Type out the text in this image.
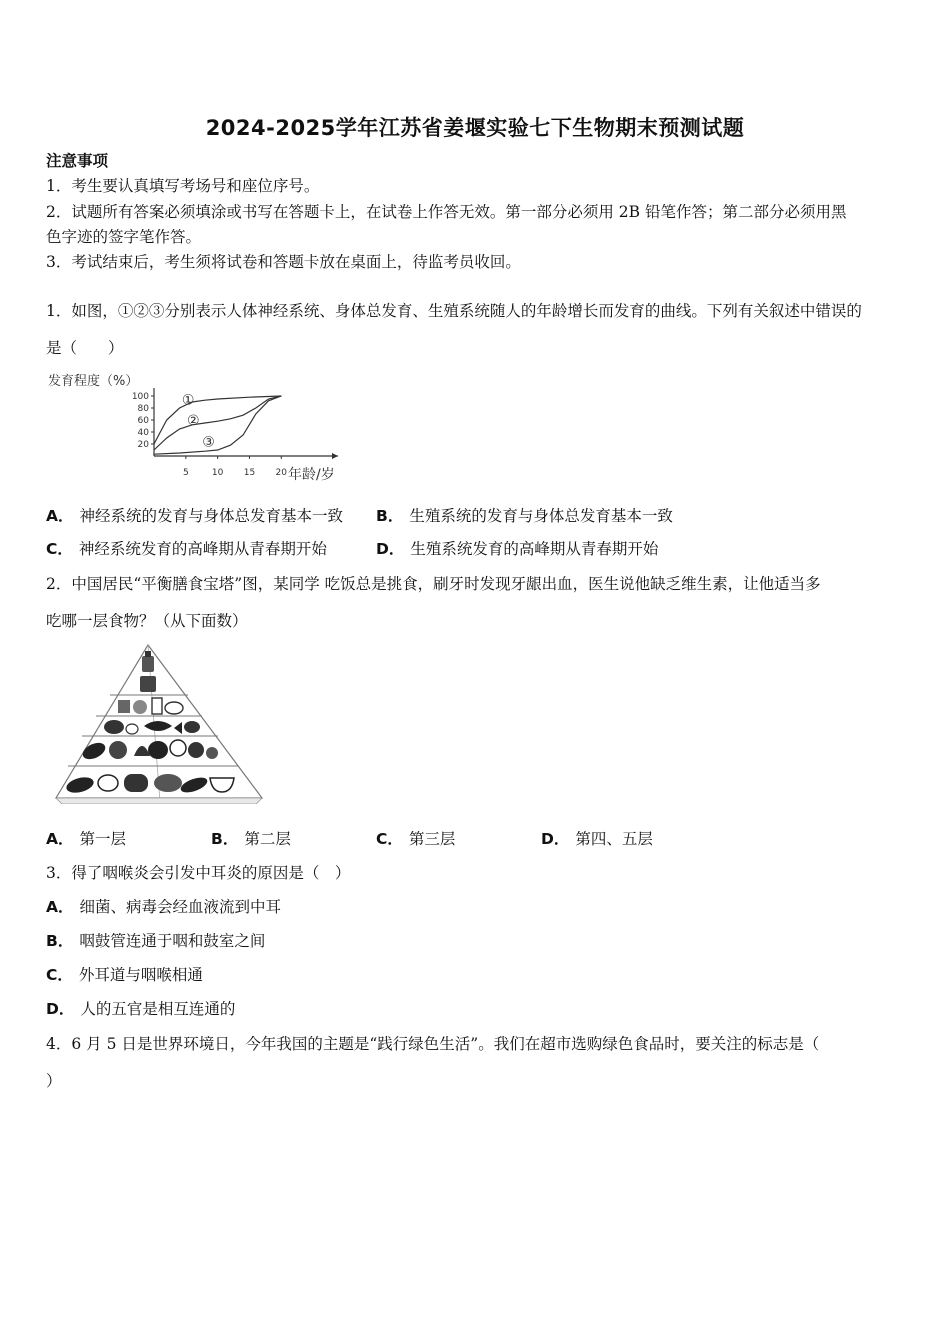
2024-2025学年江苏省姜堰实验七下生物期末预测试题
注意事项
1．考生要认真填写考场号和座位序号。
2．试题所有答案必须填涂或书写在答题卡上，在试卷上作答无效。第一部分必须用 2B 铅笔作答；第二部分必须用黑
色字迹的签字笔作答。
3．考试结束后，考生须将试卷和答题卡放在桌面上，待监考员收回。
1．如图，①②③分别表示人体神经系统、身体总发育、生殖系统随人的年龄增长而发育的曲线。下列有关叙述中错误的
是（　　）
发育程度（%）
年龄/岁
100
80
60
40
20
5	10 15 20
①
②
③
A． 神经系统的发育与身体总发育基本一致 B． 生殖系统的发育与身体总发育基本一致
C． 神经系统发育的高峰期从青春期开始	D． 生殖系统发育的高峰期从青春期开始
2．中国居民“平衡膳食宝塔”图，某同学 吃饭总是挑食，刷牙时发现牙龈出血，医生说他缺乏维生素，让他适当多
吃哪一层食物？（从下面数）
A． 第一层	B． 第二层	C． 第三层	D． 第四、五层
3．得了咽喉炎会引发中耳炎的原因是（　）
A． 细菌、病毒会经血液流到中耳
B． 咽鼓管连通于咽和鼓室之间
C． 外耳道与咽喉相通
D． 人的五官是相互连通的
4．6 月 5 日是世界环境日，今年我国的主题是“践行绿色生活”。我们在超市选购绿色食品时，要关注的标志是（
）
